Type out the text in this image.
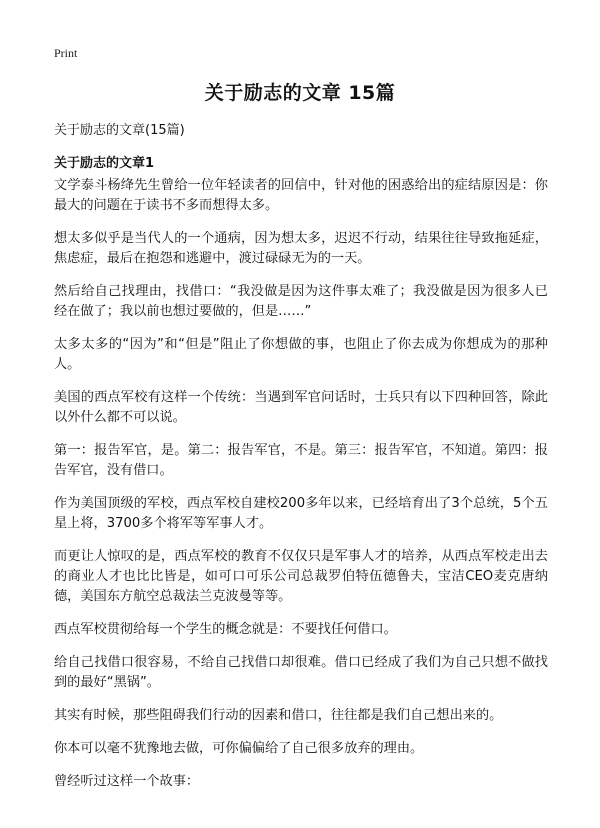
Print
关于励志的文章 15篇
关于励志的文章(15篇)
关于励志的文章1

文学泰斗杨绛先生曾给一位年轻读者的回信中，针对他的困惑给出的症结原因是：你最大的问题在于读书不多而想得太多。

想太多似乎是当代人的一个通病，因为想太多，迟迟不行动，结果往往导致拖延症，焦虑症，最后在抱怨和逃避中，渡过碌碌无为的一天。

然后给自己找理由，找借口：“我没做是因为这件事太难了；我没做是因为很多人已经在做了；我以前也想过要做的，但是……”

太多太多的“因为”和“但是”阻止了你想做的事，也阻止了你去成为你想成为的那种人。

美国的西点军校有这样一个传统：当遇到军官问话时，士兵只有以下四种回答，除此以外什么都不可以说。

第一：报告军官，是。第二：报告军官，不是。第三：报告军官，不知道。第四：报告军官，没有借口。

作为美国顶级的军校，西点军校自建校200多年以来，已经培育出了3个总统，5个五星上将，3700多个将军等军事人才。

而更让人惊叹的是，西点军校的教育不仅仅只是军事人才的培养，从西点军校走出去的商业人才也比比皆是，如可口可乐公司总裁罗伯特伍德鲁夫，宝洁CEO麦克唐纳德，美国东方航空总裁法兰克波曼等等。

西点军校贯彻给每一个学生的概念就是：不要找任何借口。

给自己找借口很容易，不给自己找借口却很难。借口已经成了我们为自己只想不做找到的最好“黑锅”。

其实有时候，那些阻碍我们行动的因素和借口，往往都是我们自己想出来的。

你本可以毫不犹豫地去做，可你偏偏给了自己很多放弃的理由。

曾经听过这样一个故事：
